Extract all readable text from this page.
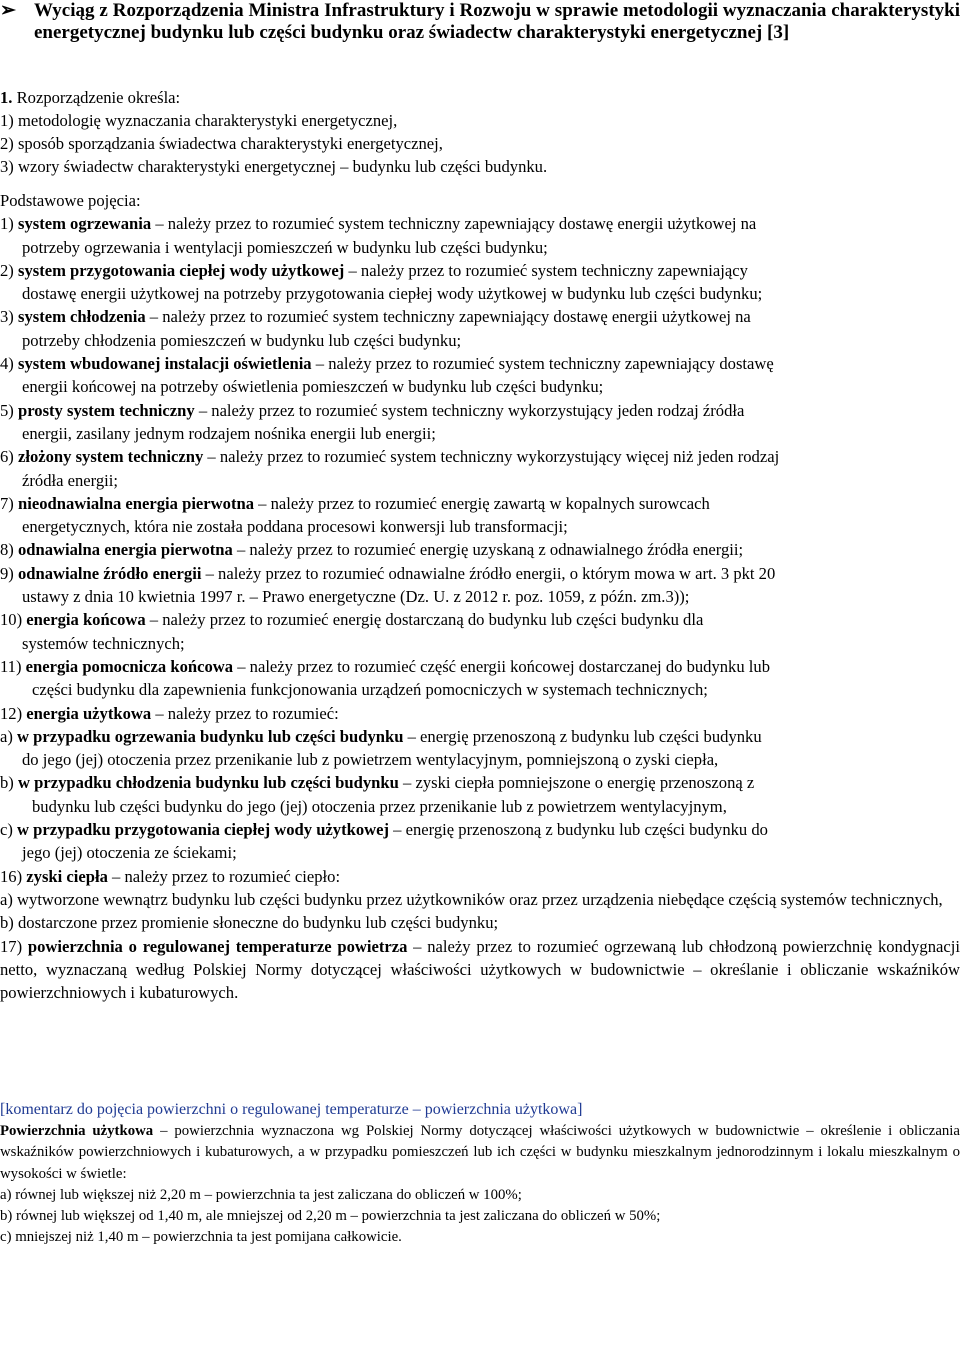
➢ Wyciąg z Rozporządzenia Ministra Infrastruktury i Rozwoju w sprawie metodologii wyznaczania charakterystyki energetycznej budynku lub części budynku oraz świadectw charakterystyki energetycznej [3]

1. Rozporządzenie określa:

1) metodologię wyznaczania charakterystyki energetycznej,

2) sposób sporządzania świadectwa charakterystyki energetycznej,

3) wzory świadectw charakterystyki energetycznej – budynku lub części budynku.

Podstawowe pojęcia:

1) system ogrzewania – należy przez to rozumieć system techniczny zapewniający dostawę energii użytkowej na

potrzeby ogrzewania i wentylacji pomieszczeń w budynku lub części budynku;

2) system przygotowania ciepłej wody użytkowej – należy przez to rozumieć system techniczny zapewniający

dostawę energii użytkowej na potrzeby przygotowania ciepłej wody użytkowej w budynku lub części budynku;

3) system chłodzenia – należy przez to rozumieć system techniczny zapewniający dostawę energii użytkowej na

potrzeby chłodzenia pomieszczeń w budynku lub części budynku;

4) system wbudowanej instalacji oświetlenia – należy przez to rozumieć system techniczny zapewniający dostawę

energii końcowej na potrzeby oświetlenia pomieszczeń w budynku lub części budynku;

5) prosty system techniczny – należy przez to rozumieć system techniczny wykorzystujący jeden rodzaj źródła

energii, zasilany jednym rodzajem nośnika energii lub energii;

6) złożony system techniczny – należy przez to rozumieć system techniczny wykorzystujący więcej niż jeden rodzaj

źródła energii;

7) nieodnawialna energia pierwotna – należy przez to rozumieć energię zawartą w kopalnych surowcach

energetycznych, która nie została poddana procesowi konwersji lub transformacji;

8) odnawialna energia pierwotna – należy przez to rozumieć energię uzyskaną z odnawialnego źródła energii;

9) odnawialne źródło energii – należy przez to rozumieć odnawialne źródło energii, o którym mowa w art. 3 pkt 20

ustawy z dnia 10 kwietnia 1997 r. – Prawo energetyczne (Dz. U. z 2012 r. poz. 1059, z późn. zm.3));

10) energia końcowa – należy przez to rozumieć energię dostarczaną do budynku lub części budynku dla

systemów technicznych;

11) energia pomocnicza końcowa – należy przez to rozumieć część energii końcowej dostarczanej do budynku lub

części budynku dla zapewnienia funkcjonowania urządzeń pomocniczych w systemach technicznych;

12) energia użytkowa – należy przez to rozumieć:

a) w przypadku ogrzewania budynku lub części budynku – energię przenoszoną z budynku lub części budynku

do jego (jej) otoczenia przez przenikanie lub z powietrzem wentylacyjnym, pomniejszoną o zyski ciepła,

b) w przypadku chłodzenia budynku lub części budynku – zyski ciepła pomniejszone o energię przenoszoną z

budynku lub części budynku do jego (jej) otoczenia przez przenikanie lub z powietrzem wentylacyjnym,

c) w przypadku przygotowania ciepłej wody użytkowej – energię przenoszoną z budynku lub części budynku do

jego (jej) otoczenia ze ściekami;

16) zyski ciepła – należy przez to rozumieć ciepło:

a) wytworzone wewnątrz budynku lub części budynku przez użytkowników oraz przez urządzenia niebędące częścią systemów technicznych,

b) dostarczone przez promienie słoneczne do budynku lub części budynku;

17) powierzchnia o regulowanej temperaturze powietrza – należy przez to rozumieć ogrzewaną lub chłodzoną powierzchnię kondygnacji netto, wyznaczaną według Polskiej Normy dotyczącej właściwości użytkowych w budownictwie – określanie i obliczanie wskaźników powierzchniowych i kubaturowych.

[komentarz do pojęcia powierzchni o regulowanej temperaturze – powierzchnia użytkowa]

Powierzchnia użytkowa – powierzchnia wyznaczona wg Polskiej Normy dotyczącej właściwości użytkowych w budownictwie – określenie i obliczania wskaźników powierzchniowych i kubaturowych, a w przypadku pomieszczeń lub ich części w budynku mieszkalnym jednorodzinnym i lokalu mieszkalnym o wysokości w świetle:

a) równej lub większej niż 2,20 m – powierzchnia ta jest zaliczana do obliczeń w 100%;

b) równej lub większej od 1,40 m, ale mniejszej od 2,20 m – powierzchnia ta jest zaliczana do obliczeń w 50%;

c) mniejszej niż 1,40 m – powierzchnia ta jest pomijana całkowicie.
